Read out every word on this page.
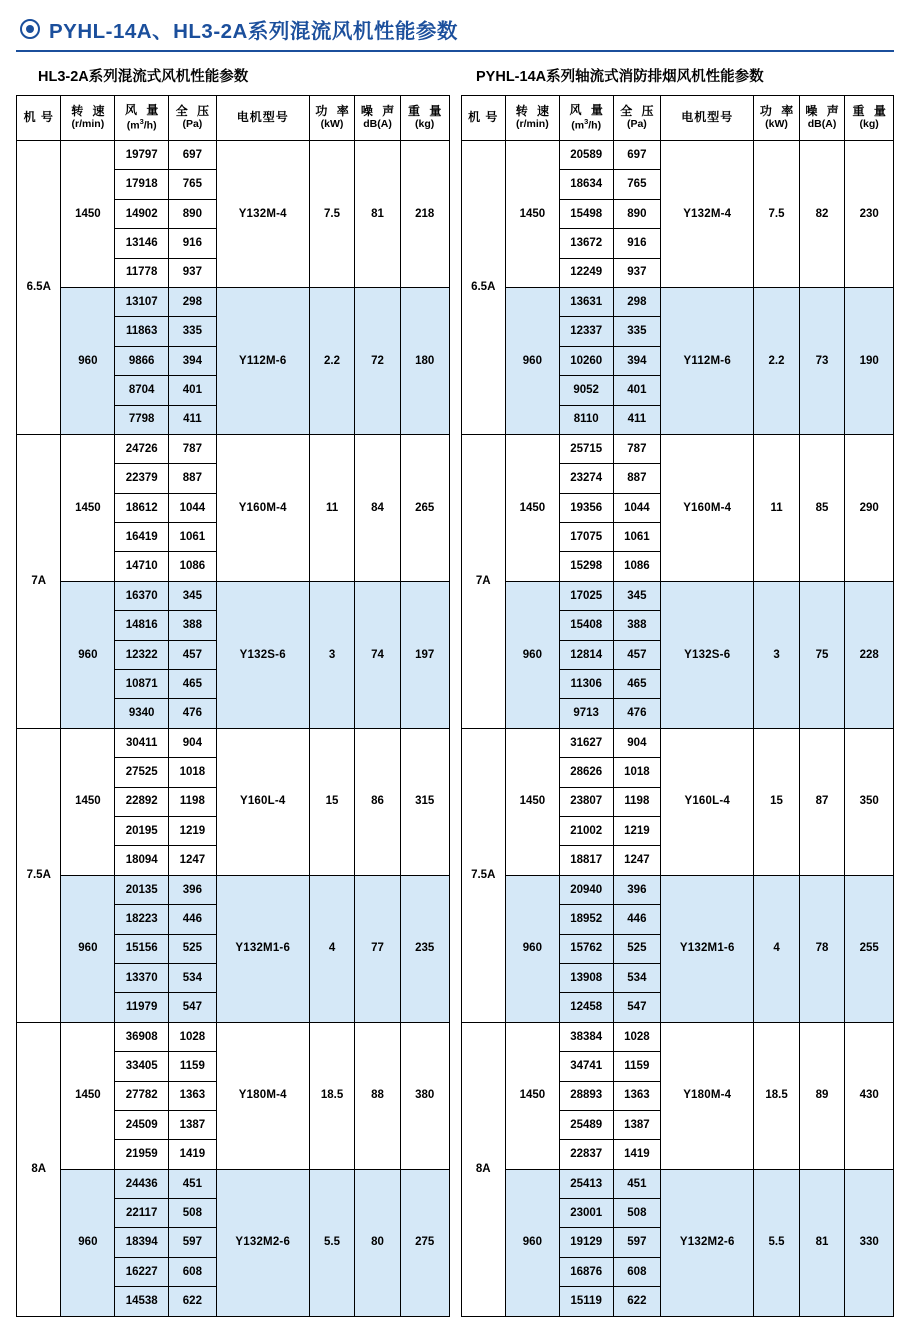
PYHL-14A、HL3-2A系列混流风机性能参数
HL3-2A系列混流式风机性能参数	PYHL-14A系列轴流式消防排烟风机性能参数
机 号	转 速
(r/min)

风 量
$(m^3/h)$

全 压
(Pa)	电机型号	功 率
(kW)

噪 声
dB(A)

重 量
(kg)

6.5A	1450	19797	697	Y132M-4	7.5	81	218
		17918	765				
		14902	890				
		13146	916				
		11778	937				
	960	13107	298	Y112M-6	2.2	72	180
		11863	335				
		9866	394				
		8704	401				
		7798	411				
7A	1450	24726	787	Y160M-4	11	84	265
		22379	887				
		18612	1044				
		16419	1061				
		14710	1086				
	960	16370	345	Y132S-6	3	74	197
		14816	388				
		12322	457				
		10871	465				
		9340	476				
7.5A	1450	30411	904	Y160L-4	15	86	315
		27525	1018				
		22892	1198				
		20195	1219				
		18094	1247				
	960	20135	396	Y132M1-6	4	77	235
		18223	446				
		15156	525				
		13370	534				
		11979	547				
8A	1450	36908	1028	Y180M-4	18.5	88	380
		33405	1159				
		27782	1363				
		24509	1387				
		21959	1419				
	960	24436	451	Y132M2-6	5.5	80	275
		22117	508				
		18394	597				
		16227	608				
		14538	622				
机 号	转 速
(r/min)

风 量
$(m^3/h)$

全 压
(Pa)	电机型号	功 率
(kW)

噪 声
dB(A)

重 量
(kg)

6.5A	1450	20589	697	Y132M-4	7.5	82	230
		18634	765				
		15498	890				
		13672	916				
		12249	937				
	960	13631	298	Y112M-6	2.2	73	190
		12337	335				
		10260	394				
		9052	401				
		8110	411				
7A	1450	25715	787	Y160M-4	11	85	290
		23274	887				
		19356	1044				
		17075	1061				
		15298	1086				
	960	17025	345	Y132S-6	3	75	228
		15408	388				
		12814	457				
		11306	465				
		9713	476				
7.5A	1450	31627	904	Y160L-4	15	87	350
		28626	1018				
		23807	1198				
		21002	1219				
		18817	1247				
	960	20940	396	Y132M1-6	4	78	255
		18952	446				
		15762	525				
		13908	534				
		12458	547				
8A	1450	38384	1028	Y180M-4	18.5	89	430
		34741	1159				
		28893	1363				
		25489	1387				
		22837	1419				
	960	25413	451	Y132M2-6	5.5	81	330
		23001	508				
		19129	597				
		16876	608				
		15119	622				
